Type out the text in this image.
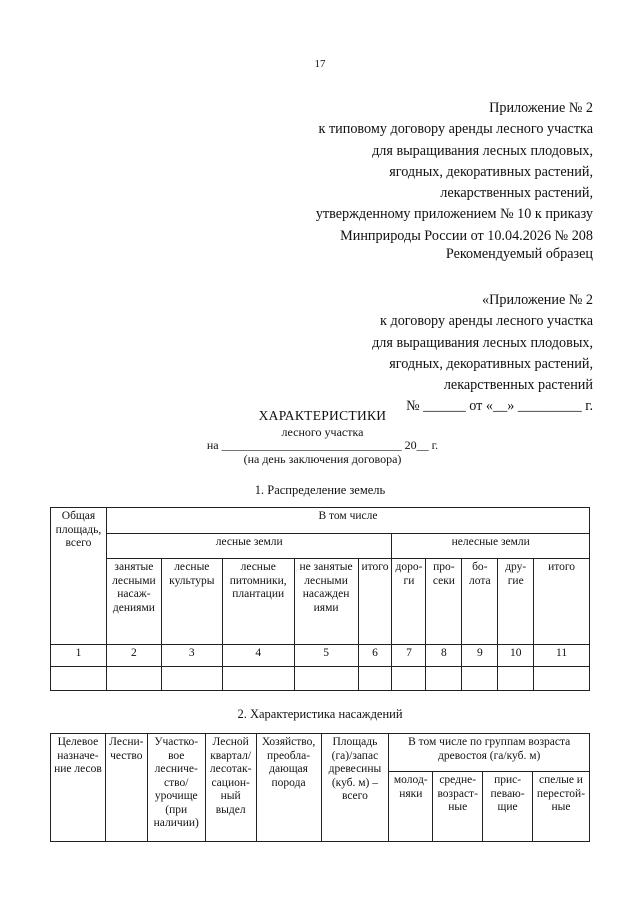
17
Приложение № 2
к типовому договору аренды лесного участка
для выращивания лесных плодовых,
ягодных, декоративных растений,
лекарственных растений,
утвержденному приложением № 10 к приказу
Минприроды России от 10.04.2026 № 208
Рекомендуемый образец
«Приложение № 2
к договору аренды лесного участка
для выращивания лесных плодовых,
ягодных, декоративных растений,
лекарственных растений
№ ______ от «__» _________ г.
ХАРАКТЕРИСТИКИ
лесного участка
на ______________________________ 20__ г.
(на день заключения договора)
1. Распределение земель
Общая площадь, всего	В том числе									
	лесные земли					нелесные земли				
	занятые лесными насаждениями	лесные культуры	лесные питомники, плантации	не занятые лесными насажден иями	итого	дороги	просеки	болота	другие	итого
1	2	3	4	5	6	7	8	9	10	11

2. Характеристика насаждений
Целевое назначение лесов	Лесничество	Участковое лесничество/ урочище (при наличии)	Лесной квартал/ лесотаксационный выдел	Хозяйство, преобладающая порода	Площадь (га)/запас древесины (куб. м) – всего	В том числе по группам возраста древостоя (га/куб. м)			
						молодняки	средневозрастные	приспевающие	спелые и перестойные
